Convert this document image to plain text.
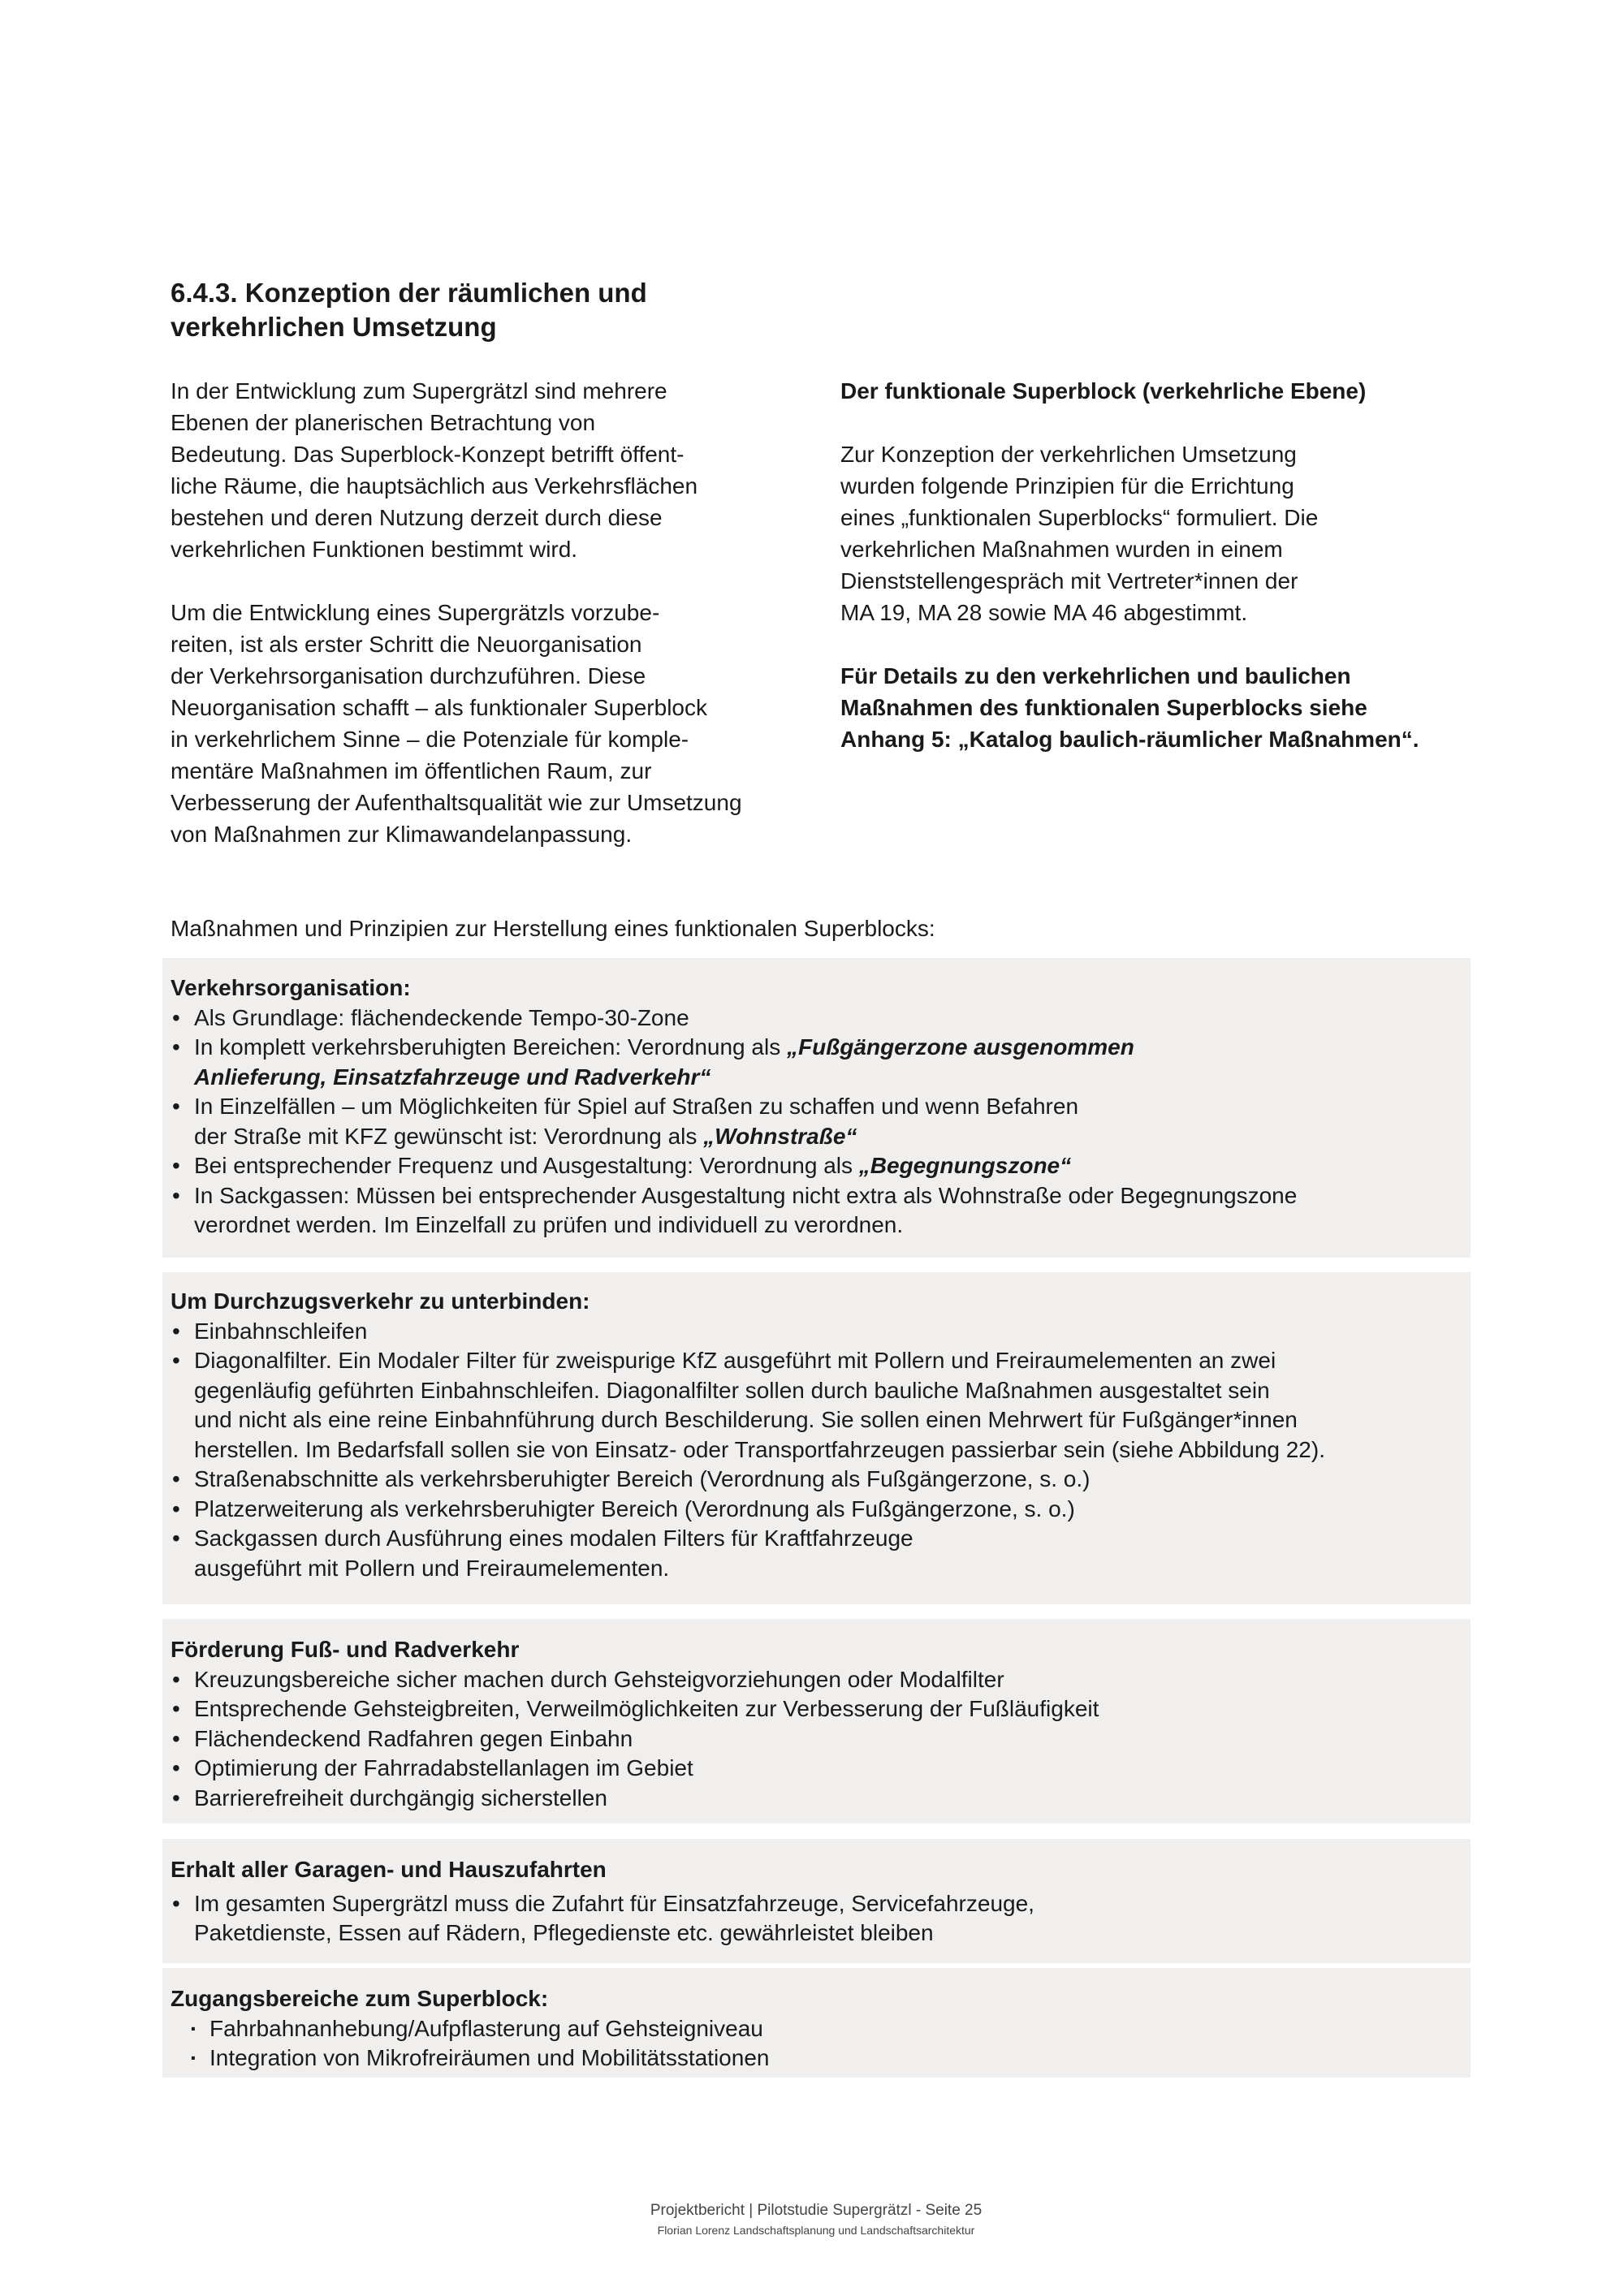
6.4.3. Konzeption der räumlichen und
verkehrlichen Umsetzung

In der Entwicklung zum Supergrätzl sind mehrere
Ebenen der planerischen Betrachtung von
Bedeutung. Das Superblock-Konzept betrifft öffent-
liche Räume, die hauptsächlich aus Verkehrsflächen
bestehen und deren Nutzung derzeit durch diese
verkehrlichen Funktionen bestimmt wird.

Um die Entwicklung eines Supergrätzls vorzube-
reiten, ist als erster Schritt die Neuorganisation
der Verkehrsorganisation durchzuführen. Diese
Neuorganisation schafft – als funktionaler Superblock
in verkehrlichem Sinne – die Potenziale für komple-
mentäre Maßnahmen im öffentlichen Raum, zur
Verbesserung der Aufenthaltsqualität wie zur Umsetzung
von Maßnahmen zur Klimawandelanpassung.

Der funktionale Superblock (verkehrliche Ebene)

Zur Konzeption der verkehrlichen Umsetzung
wurden folgende Prinzipien für die Errichtung
eines „funktionalen Superblocks“ formuliert. Die
verkehrlichen Maßnahmen wurden in einem
Dienststellengespräch mit Vertreter*innen der
MA 19, MA 28 sowie MA 46 abgestimmt.

Für Details zu den verkehrlichen und baulichen
Maßnahmen des funktionalen Superblocks siehe
Anhang 5: „Katalog baulich-räumlicher Maßnahmen“.

Maßnahmen und Prinzipien zur Herstellung eines funktionalen Superblocks:

Verkehrsorganisation:

• Als Grundlage: flächendeckende Tempo-30-Zone
• In komplett verkehrsberuhigten Bereichen: Verordnung als „Fußgängerzone ausgenommen
Anlieferung, Einsatzfahrzeuge und Radverkehr“
• In Einzelfällen – um Möglichkeiten für Spiel auf Straßen zu schaffen und wenn Befahren
der Straße mit KFZ gewünscht ist: Verordnung als „Wohnstraße“
• Bei entsprechender Frequenz und Ausgestaltung: Verordnung als „Begegnungszone“
• In Sackgassen: Müssen bei entsprechender Ausgestaltung nicht extra als Wohnstraße oder Begegnungszone
verordnet werden. Im Einzelfall zu prüfen und individuell zu verordnen.

Um Durchzugsverkehr zu unterbinden:

• Einbahnschleifen
• Diagonalfilter. Ein Modaler Filter für zweispurige KfZ ausgeführt mit Pollern und Freiraumelementen an zwei
gegenläufig geführten Einbahnschleifen. Diagonalfilter sollen durch bauliche Maßnahmen ausgestaltet sein
und nicht als eine reine Einbahnführung durch Beschilderung. Sie sollen einen Mehrwert für Fußgänger*innen
herstellen. Im Bedarfsfall sollen sie von Einsatz- oder Transportfahrzeugen passierbar sein (siehe Abbildung 22).
• Straßenabschnitte als verkehrsberuhigter Bereich (Verordnung als Fußgängerzone, s. o.)
• Platzerweiterung als verkehrsberuhigter Bereich (Verordnung als Fußgängerzone, s. o.)
• Sackgassen durch Ausführung eines modalen Filters für Kraftfahrzeuge
ausgeführt mit Pollern und Freiraumelementen.

Förderung Fuß- und Radverkehr

• Kreuzungsbereiche sicher machen durch Gehsteigvorziehungen oder Modalfilter
• Entsprechende Gehsteigbreiten, Verweilmöglichkeiten zur Verbesserung der Fußläufigkeit
• Flächendeckend Radfahren gegen Einbahn
• Optimierung der Fahrradabstellanlagen im Gebiet
• Barrierefreiheit durchgängig sicherstellen

Erhalt aller Garagen- und Hauszufahrten

• Im gesamten Supergrätzl muss die Zufahrt für Einsatzfahrzeuge, Servicefahrzeuge,
Paketdienste, Essen auf Rädern, Pflegedienste etc. gewährleistet bleiben

Zugangsbereiche zum Superblock:

· Fahrbahnanhebung/Aufpflasterung auf Gehsteigniveau
· Integration von Mikrofreiräumen und Mobilitätsstationen
Projektbericht | Pilotstudie Supergrätzl - Seite 25
Florian Lorenz Landschaftsplanung und Landschaftsarchitektur
